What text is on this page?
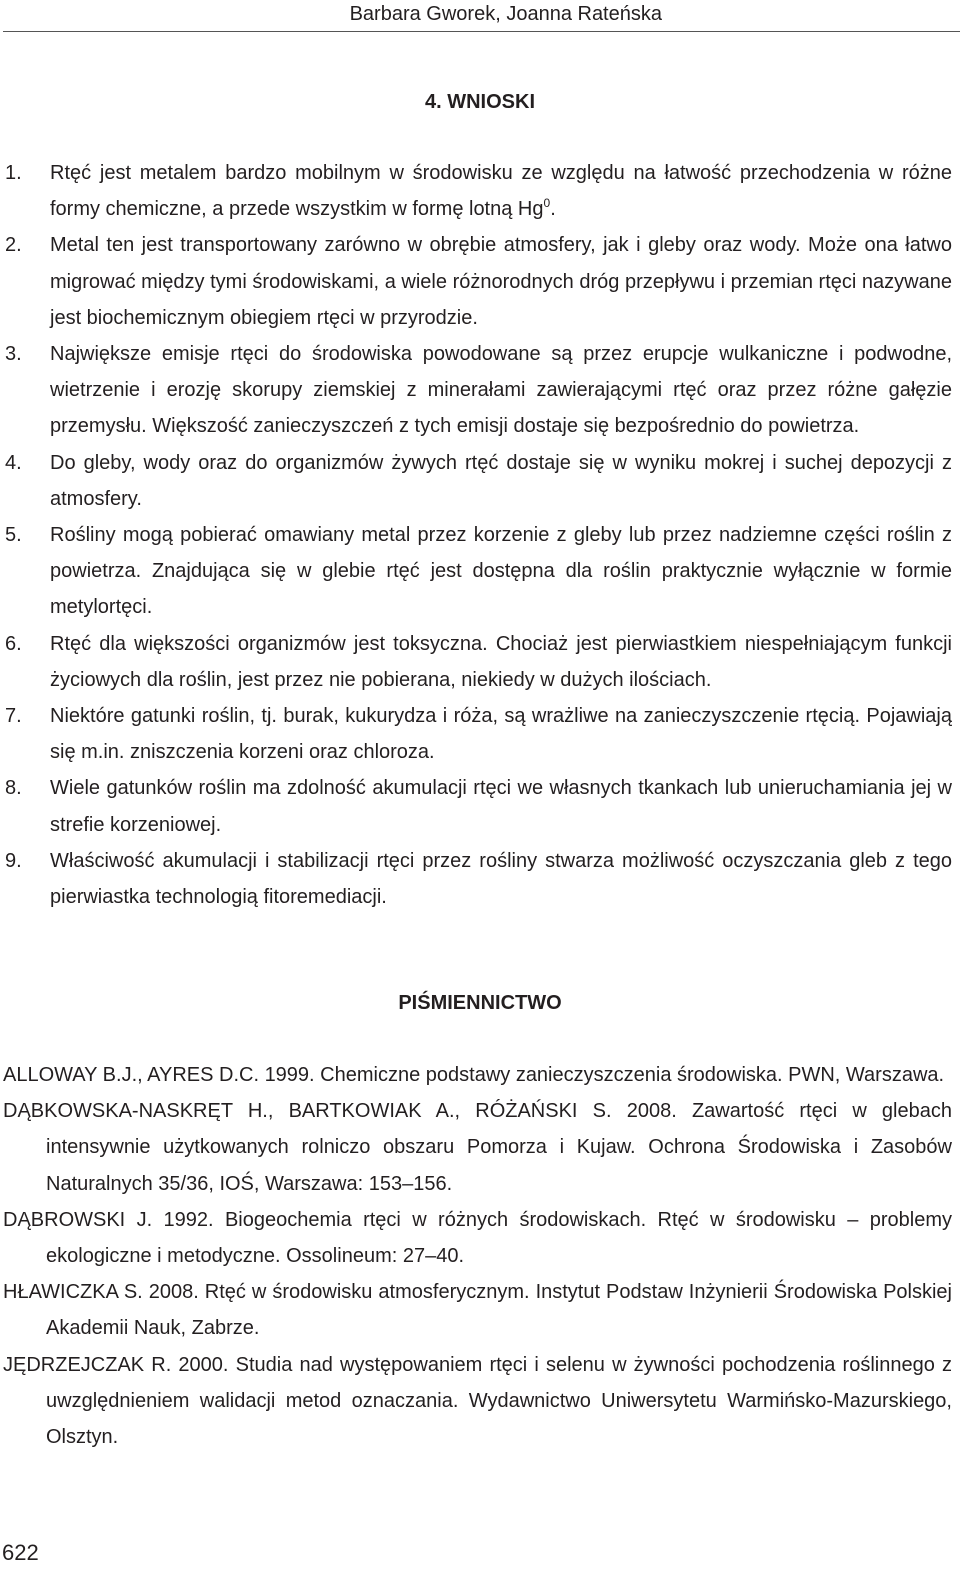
Barbara Gworek, Joanna Rateńska
4. WNIOSKI
1. Rtęć jest metalem bardzo mobilnym w środowisku ze względu na łatwość przechodzenia w różne formy chemiczne, a przede wszystkim w formę lotną Hg$^0$.
2. Metal ten jest transportowany zarówno w obrębie atmosfery, jak i gleby oraz wody. Może ona łatwo migrować między tymi środowiskami, a wiele różnorodnych dróg przepływu i przemian rtęci nazywane jest biochemicznym obiegiem rtęci w przyrodzie.
3. Największe emisje rtęci do środowiska powodowane są przez erupcje wulkaniczne i podwodne, wietrzenie i erozję skorupy ziemskiej z minerałami zawierającymi rtęć oraz przez różne gałęzie przemysłu. Większość zanieczyszczeń z tych emisji dostaje się bezpośrednio do powietrza.
4. Do gleby, wody oraz do organizmów żywych rtęć dostaje się w wyniku mokrej i suchej depozycji z atmosfery.
5. Rośliny mogą pobierać omawiany metal przez korzenie z gleby lub przez nadziemne części roślin z powietrza. Znajdująca się w glebie rtęć jest dostępna dla roślin praktycznie wyłącznie w formie metylortęci.
6. Rtęć dla większości organizmów jest toksyczna. Chociaż jest pierwiastkiem niespełniającym funkcji życiowych dla roślin, jest przez nie pobierana, niekiedy w dużych ilościach.
7. Niektóre gatunki roślin, tj. burak, kukurydza i róża, są wrażliwe na zanieczyszczenie rtęcią. Pojawiają się m.in. zniszczenia korzeni oraz chloroza.
8. Wiele gatunków roślin ma zdolność akumulacji rtęci we własnych tkankach lub unieruchamiania jej w strefie korzeniowej.
9. Właściwość akumulacji i stabilizacji rtęci przez rośliny stwarza możliwość oczyszczania gleb z tego pierwiastka technologią fitoremediacji.
PIŚMIENNICTWO
ALLOWAY B.J., AYRES D.C. 1999. Chemiczne podstawy zanieczyszczenia środowiska. PWN, Warszawa.
DĄBKOWSKA-NASKRĘT H., BARTKOWIAK A., RÓŻAŃSKI S. 2008. Zawartość rtęci w glebach intensywnie użytkowanych rolniczo obszaru Pomorza i Kujaw. Ochrona Środowiska i Zasobów Naturalnych 35/36, IOŚ, Warszawa: 153–156.
DĄBROWSKI J. 1992. Biogeochemia rtęci w różnych środowiskach. Rtęć w środowisku – problemy ekologiczne i metodyczne. Ossolineum: 27–40.
HŁAWICZKA S. 2008. Rtęć w środowisku atmosferycznym. Instytut Podstaw Inżynierii Środowiska Polskiej Akademii Nauk, Zabrze.
JĘDRZEJCZAK R. 2000. Studia nad występowaniem rtęci i selenu w żywności pochodzenia roślinnego z uwzględnieniem walidacji metod oznaczania. Wydawnictwo Uniwersytetu Warmińsko-Mazurskiego, Olsztyn.
622
